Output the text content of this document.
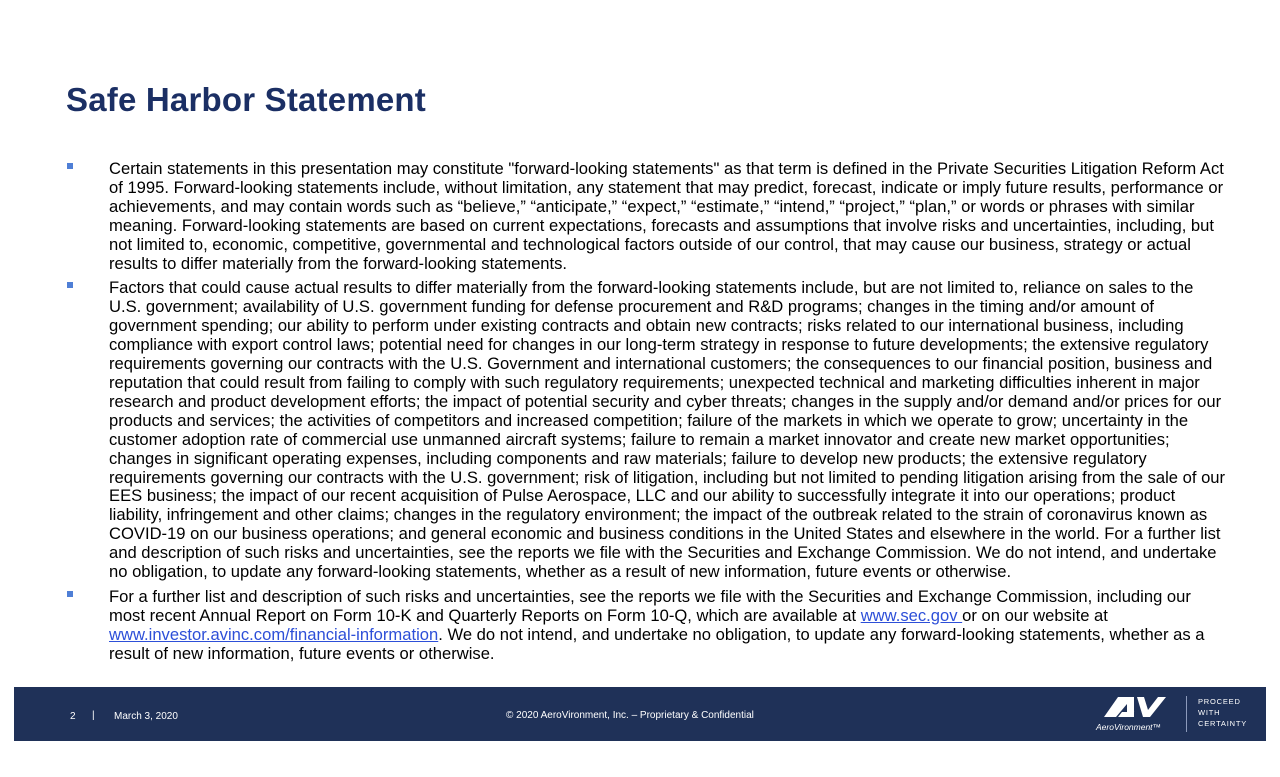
Safe Harbor Statement
Certain statements in this presentation may constitute "forward-looking statements" as that term is defined in the Private Securities Litigation Reform Act of 1995. Forward-looking statements include, without limitation, any statement that may predict, forecast, indicate or imply future results, performance or achievements, and may contain words such as “believe,” “anticipate,” “expect,” “estimate,” “intend,” “project,” “plan,” or words or phrases with similar meaning. Forward-looking statements are based on current expectations, forecasts and assumptions that involve risks and uncertainties, including, but not limited to, economic, competitive, governmental and technological factors outside of our control, that may cause our business, strategy or actual results to differ materially from the forward-looking statements.
Factors that could cause actual results to differ materially from the forward-looking statements include, but are not limited to, reliance on sales to the U.S. government; availability of U.S. government funding for defense procurement and R&D programs; changes in the timing and/or amount of government spending; our ability to perform under existing contracts and obtain new contracts; risks related to our international business, including compliance with export control laws; potential need for changes in our long-term strategy in response to future developments; the extensive regulatory requirements governing our contracts with the U.S. Government and international customers; the consequences to our financial position, business and reputation that could result from failing to comply with such regulatory requirements; unexpected technical and marketing difficulties inherent in major research and product development efforts; the impact of potential security and cyber threats; changes in the supply and/or demand and/or prices for our products and services; the activities of competitors and increased competition; failure of the markets in which we operate to grow; uncertainty in the customer adoption rate of commercial use unmanned aircraft systems; failure to remain a market innovator and create new market opportunities; changes in significant operating expenses, including components and raw materials; failure to develop new products; the extensive regulatory requirements governing our contracts with the U.S. government; risk of litigation, including but not limited to pending litigation arising from the sale of our EES business; the impact of our recent acquisition of Pulse Aerospace, LLC and our ability to successfully integrate it into our operations; product liability, infringement and other claims; changes in the regulatory environment; the impact of the outbreak related to the strain of coronavirus known as COVID-19 on our business operations; and general economic and business conditions in the United States and elsewhere in the world. For a further list and description of such risks and uncertainties, see the reports we file with the Securities and Exchange Commission. We do not intend, and undertake no obligation, to update any forward-looking statements, whether as a result of new information, future events or otherwise.
For a further list and description of such risks and uncertainties, see the reports we file with the Securities and Exchange Commission, including our most recent Annual Report on Form 10-K and Quarterly Reports on Form 10-Q, which are available at www.sec.gov or on our website at www.investor.avinc.com/financial-information. We do not intend, and undertake no obligation, to update any forward-looking statements, whether as a result of new information, future events or otherwise.
2 | March 3, 2020	© 2020 AeroVironment, Inc. – Proprietary & Confidential	AV
AeroVironment™
PROCEED
WITH
CERTAINTY
